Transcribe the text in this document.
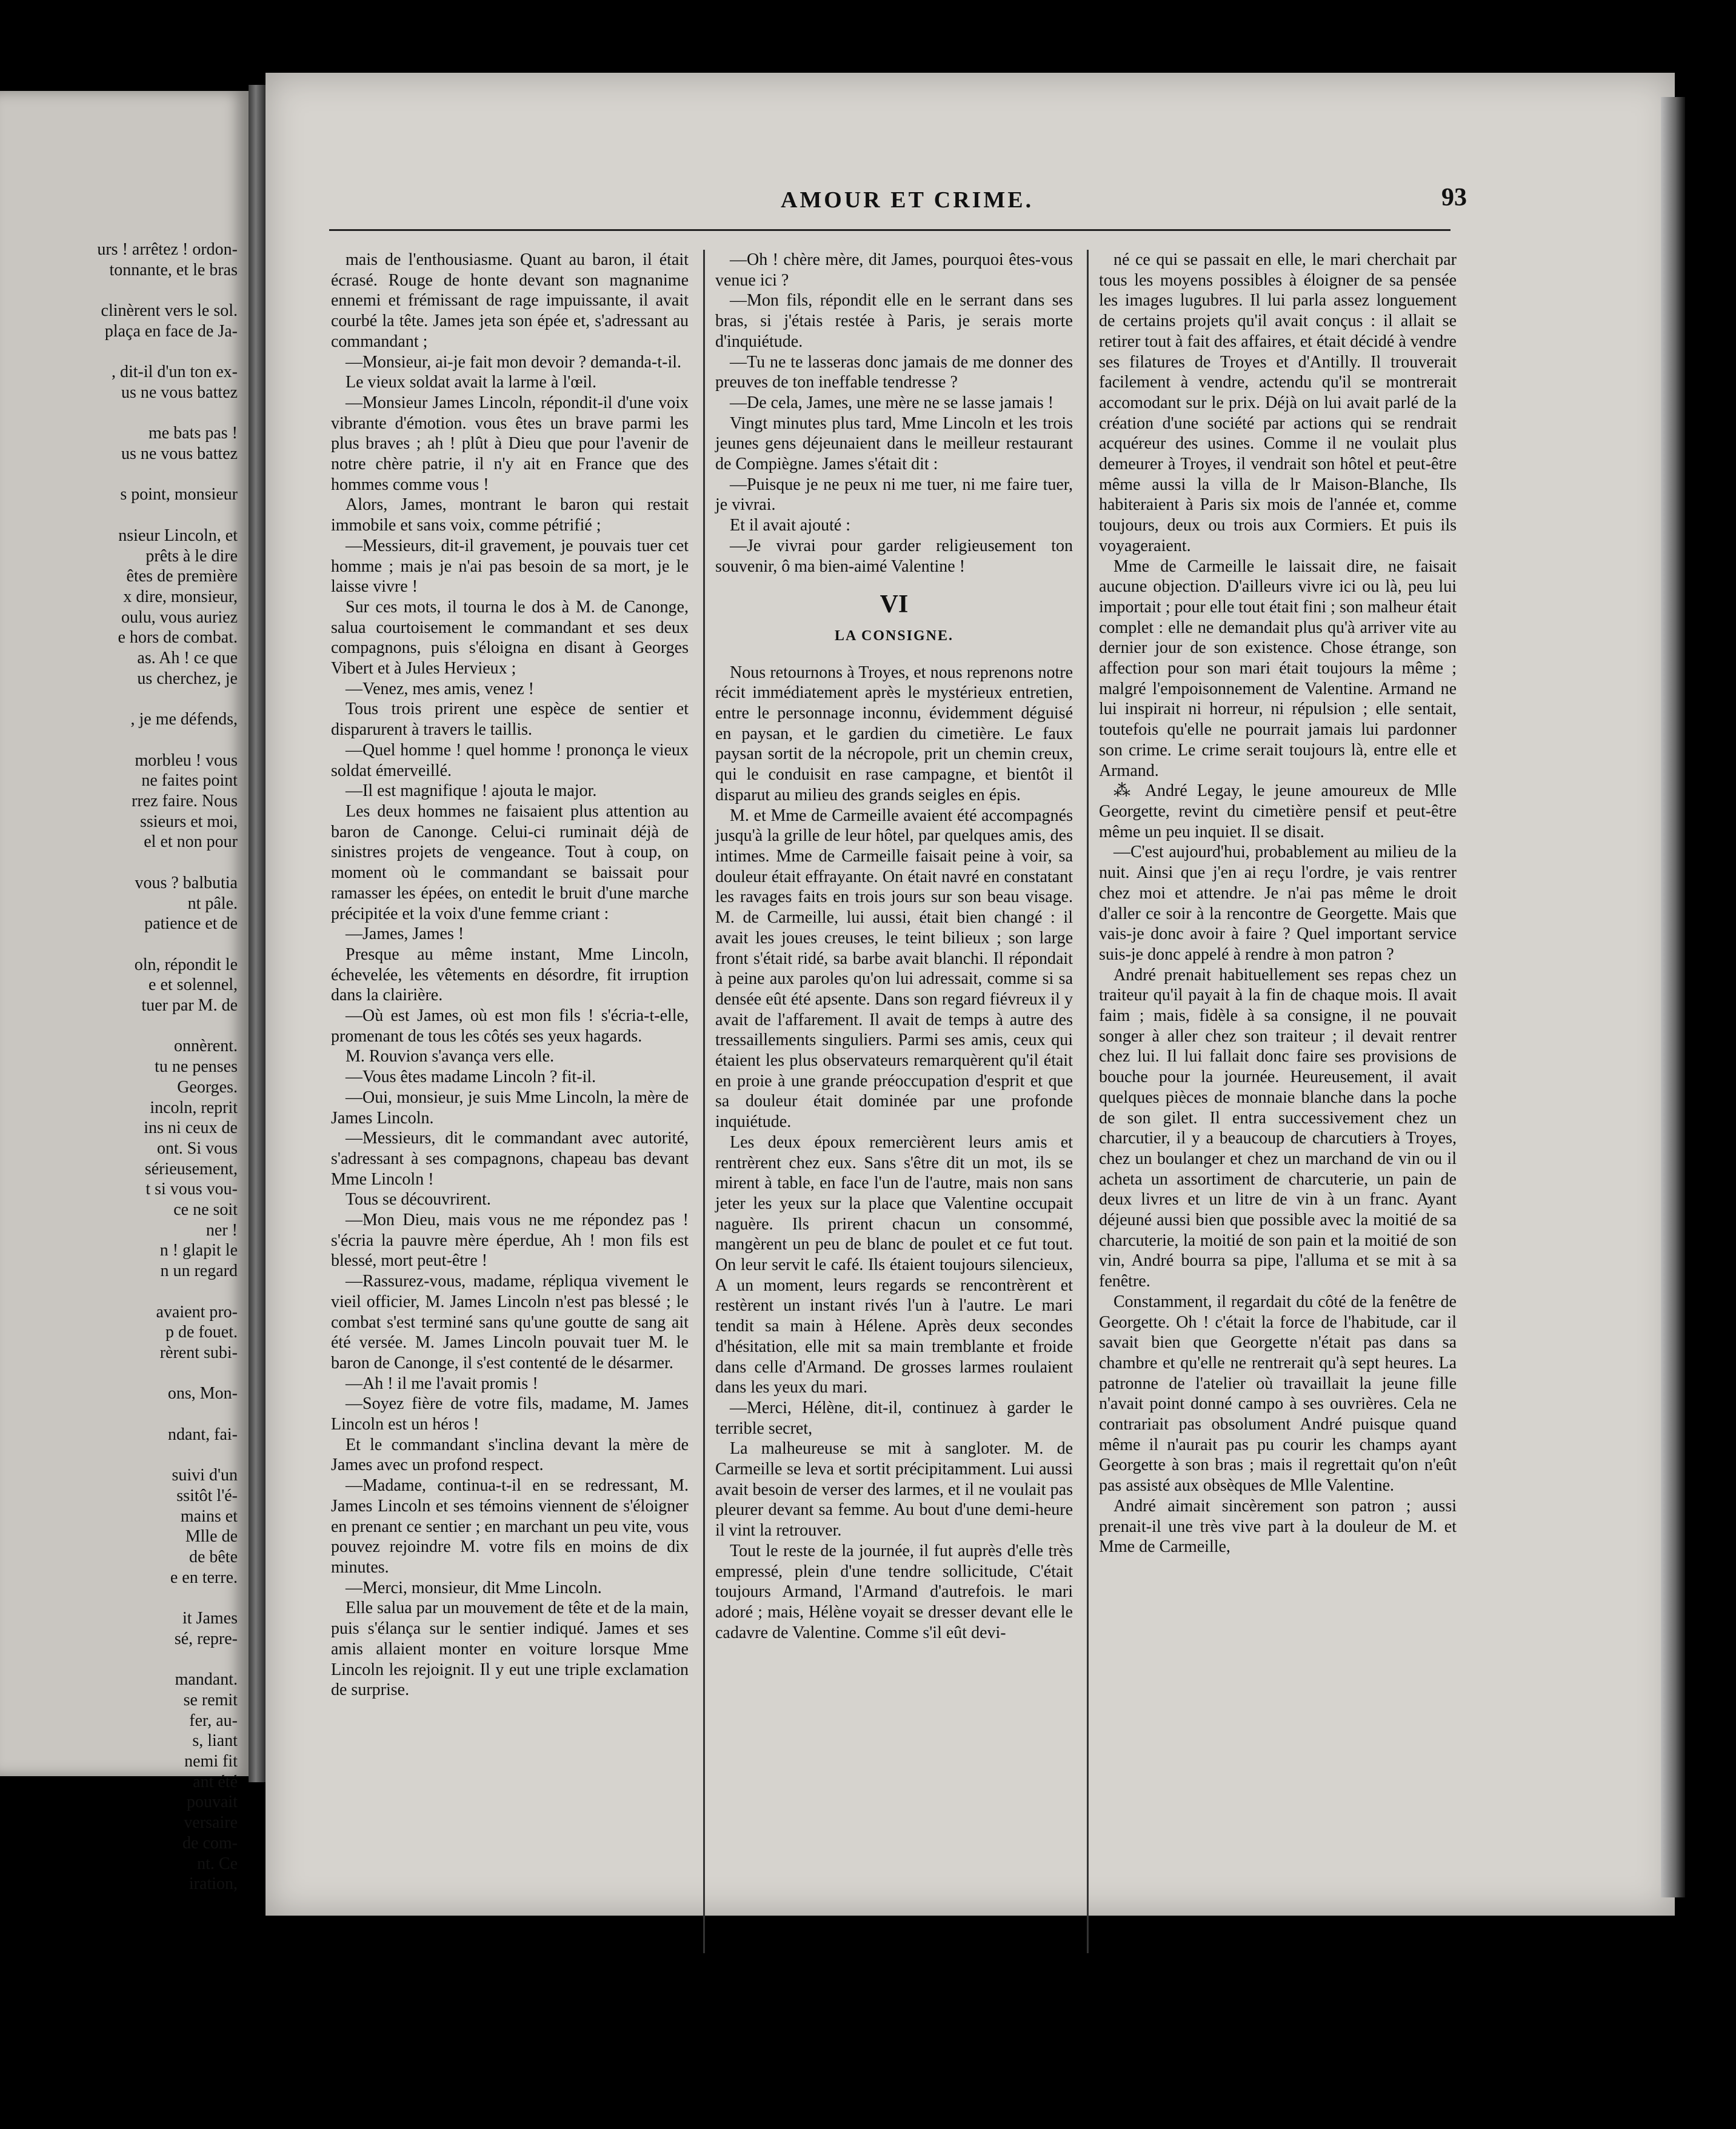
urs ! arrêtez ! ordon-
tonnante, et le bras

clinèrent vers le sol.
plaça en face de Ja-

, dit-il d'un ton ex-
us ne vous battez

me bats pas !
us ne vous battez

s point, monsieur

nsieur Lincoln, et
prêts à le dire
êtes de première
x dire, monsieur,
oulu, vous auriez
e hors de combat.
as. Ah ! ce que
us cherchez, je

, je me défends,

morbleu ! vous
ne faites point
rrez faire. Nous
ssieurs et moi,
el et non pour

vous ? balbutia
nt pâle.
patience et de

oln, répondit le
e et solennel,
tuer par M. de

onnèrent.
tu ne penses
Georges.
incoln, reprit
ins ni ceux de
ont. Si vous
sérieusement,
t si vous vou-
ce ne soit
ner !
n ! glapit le
n un regard

avaient pro-
p de fouet.
rèrent subi-

ons, Mon-

ndant, fai-

suivi d'un
ssitôt l'é-
mains et
Mlle de
de bête
e en terre.

it James
sé, repre-

mandant.
se remit
fer, au-
s, liant
nemi fit
ant été
pouvait
versaire
de com-
nt. Ce
iration,
AMOUR ET CRIME.	93

mais de l'enthousiasme. Quant au baron, il était écrasé. Rouge de honte devant son magnanime ennemi et frémissant de rage impuissante, il avait courbé la tête. James jeta son épée et, s'adressant au commandant ;

—Monsieur, ai-je fait mon devoir ? demanda-t-il.

Le vieux soldat avait la larme à l'œil.

—Monsieur James Lincoln, répondit-il d'une voix vibrante d'émotion. vous êtes un brave parmi les plus braves ; ah ! plût à Dieu que pour l'avenir de notre chère patrie, il n'y ait en France que des hommes comme vous !

Alors, James, montrant le baron qui restait immobile et sans voix, comme pétrifié ;

—Messieurs, dit-il gravement, je pouvais tuer cet homme ; mais je n'ai pas besoin de sa mort, je le laisse vivre !

Sur ces mots, il tourna le dos à M. de Canonge, salua courtoisement le commandant et ses deux compagnons, puis s'éloigna en disant à Georges Vibert et à Jules Hervieux ;

—Venez, mes amis, venez !

Tous trois prirent une espèce de sentier et disparurent à travers le taillis.

—Quel homme ! quel homme ! prononça le vieux soldat émerveillé.

—Il est magnifique ! ajouta le major.

Les deux hommes ne faisaient plus attention au baron de Canonge. Celui-ci ruminait déjà de sinistres projets de vengeance. Tout à coup, on moment où le commandant se baissait pour ramasser les épées, on entedit le bruit d'une marche précipitée et la voix d'une femme criant :

—James, James !

Presque au même instant, Mme Lincoln, échevelée, les vêtements en désordre, fit irruption dans la clairière.

—Où est James, où est mon fils ! s'écria-t-elle, promenant de tous les côtés ses yeux hagards.

M. Rouvion s'avança vers elle.

—Vous êtes madame Lincoln ? fit-il.

—Oui, monsieur, je suis Mme Lincoln, la mère de James Lincoln.

—Messieurs, dit le commandant avec autorité, s'adressant à ses compagnons, chapeau bas devant Mme Lincoln !

Tous se découvrirent.

—Mon Dieu, mais vous ne me répondez pas ! s'écria la pauvre mère éperdue, Ah ! mon fils est blessé, mort peut-être !

—Rassurez-vous, madame, répliqua vivement le vieil officier, M. James Lincoln n'est pas blessé ; le combat s'est terminé sans qu'une goutte de sang ait été versée. M. James Lincoln pouvait tuer M. le baron de Canonge, il s'est contenté de le désarmer.

—Ah ! il me l'avait promis !

—Soyez fière de votre fils, madame, M. James Lincoln est un héros !

Et le commandant s'inclina devant la mère de James avec un profond respect.

—Madame, continua-t-il en se redressant, M. James Lincoln et ses témoins viennent de s'éloigner en prenant ce sentier ; en marchant un peu vite, vous pouvez rejoindre M. votre fils en moins de dix minutes.

—Merci, monsieur, dit Mme Lincoln.

Elle salua par un mouvement de tête et de la main, puis s'élança sur le sentier indiqué. James et ses amis allaient monter en voiture lorsque Mme Lincoln les rejoignit. Il y eut une triple exclamation de surprise.

—Oh ! chère mère, dit James, pourquoi êtes-vous venue ici ?

—Mon fils, répondit elle en le serrant dans ses bras, si j'étais restée à Paris, je serais morte d'inquiétude.

—Tu ne te lasseras donc jamais de me donner des preuves de ton ineffable tendresse ?

—De cela, James, une mère ne se lasse jamais !

Vingt minutes plus tard, Mme Lincoln et les trois jeunes gens déjeunaient dans le meilleur restaurant de Compiègne. James s'était dit :

—Puisque je ne peux ni me tuer, ni me faire tuer, je vivrai.

Et il avait ajouté :

—Je vivrai pour garder religieusement ton souvenir, ô ma bien-aimé Valentine !

VI
LA CONSIGNE.

Nous retournons à Troyes, et nous reprenons notre récit immédiatement après le mystérieux entretien, entre le personnage inconnu, évidemment déguisé en paysan, et le gardien du cimetière. Le faux paysan sortit de la nécropole, prit un chemin creux, qui le conduisit en rase campagne, et bientôt il disparut au milieu des grands seigles en épis.

M. et Mme de Carmeille avaient été accompagnés jusqu'à la grille de leur hôtel, par quelques amis, des intimes. Mme de Carmeille faisait peine à voir, sa douleur était effrayante. On était navré en constatant les ravages faits en trois jours sur son beau visage. M. de Carmeille, lui aussi, était bien changé : il avait les joues creuses, le teint bilieux ; son large front s'était ridé, sa barbe avait blanchi. Il répondait à peine aux paroles qu'on lui adressait, comme si sa densée eût été apsente. Dans son regard fiévreux il y avait de l'affarement. Il avait de temps à autre des tressaillements singuliers. Parmi ses amis, ceux qui étaient les plus observateurs remarquèrent qu'il était en proie à une grande préoccupation d'esprit et que sa douleur était dominée par une profonde inquiétude.

Les deux époux remercièrent leurs amis et rentrèrent chez eux. Sans s'être dit un mot, ils se mirent à table, en face l'un de l'autre, mais non sans jeter les yeux sur la place que Valentine occupait naguère. Ils prirent chacun un consommé, mangèrent un peu de blanc de poulet et ce fut tout. On leur servit le café. Ils étaient toujours silencieux, A un moment, leurs regards se rencontrèrent et restèrent un instant rivés l'un à l'autre. Le mari tendit sa main à Hélene. Après deux secondes d'hésitation, elle mit sa main tremblante et froide dans celle d'Armand. De grosses larmes roulaient dans les yeux du mari.

—Merci, Hélène, dit-il, continuez à garder le terrible secret,

La malheureuse se mit à sangloter. M. de Carmeille se leva et sortit précipitamment. Lui aussi avait besoin de verser des larmes, et il ne voulait pas pleurer devant sa femme. Au bout d'une demi-heure il vint la retrouver.

Tout le reste de la journée, il fut auprès d'elle très empressé, plein d'une tendre sollicitude, C'était toujours Armand, l'Armand d'autrefois. le mari adoré ; mais, Hélène voyait se dresser devant elle le cadavre de Valentine. Comme s'il eût devi-

né ce qui se passait en elle, le mari cherchait par tous les moyens possibles à éloigner de sa pensée les images lugubres. Il lui parla assez longuement de certains projets qu'il avait conçus : il allait se retirer tout à fait des affaires, et était décidé à vendre ses filatures de Troyes et d'Antilly. Il trouverait facilement à vendre, actendu qu'il se montrerait accomodant sur le prix. Déjà on lui avait parlé de la création d'une société par actions qui se rendrait acquéreur des usines. Comme il ne voulait plus demeurer à Troyes, il vendrait son hôtel et peut-être même aussi la villa de lr Maison-Blanche, Ils habiteraient à Paris six mois de l'année et, comme toujours, deux ou trois aux Cormiers. Et puis ils voyageraient.

Mme de Carmeille le laissait dire, ne faisait aucune objection. D'ailleurs vivre ici ou là, peu lui importait ; pour elle tout était fini ; son malheur était complet : elle ne demandait plus qu'à arriver vite au dernier jour de son existence. Chose étrange, son affection pour son mari était toujours la même ; malgré l'empoisonnement de Valentine. Armand ne lui inspirait ni horreur, ni répulsion ; elle sentait, toutefois qu'elle ne pourrait jamais lui pardonner son crime. Le crime serait toujours là, entre elle et Armand.

⁂ André Legay, le jeune amoureux de Mlle Georgette, revint du cimetière pensif et peut-être même un peu inquiet. Il se disait.

—C'est aujourd'hui, probablement au milieu de la nuit. Ainsi que j'en ai reçu l'ordre, je vais rentrer chez moi et attendre. Je n'ai pas même le droit d'aller ce soir à la rencontre de Georgette. Mais que vais-je donc avoir à faire ? Quel important service suis-je donc appelé à rendre à mon patron ?

André prenait habituellement ses repas chez un traiteur qu'il payait à la fin de chaque mois. Il avait faim ; mais, fidèle à sa consigne, il ne pouvait songer à aller chez son traiteur ; il devait rentrer chez lui. Il lui fallait donc faire ses provisions de bouche pour la journée. Heureusement, il avait quelques pièces de monnaie blanche dans la poche de son gilet. Il entra successivement chez un charcutier, il y a beaucoup de charcutiers à Troyes, chez un boulanger et chez un marchand de vin ou il acheta un assortiment de charcuterie, un pain de deux livres et un litre de vin à un franc. Ayant déjeuné aussi bien que possible avec la moitié de sa charcuterie, la moitié de son pain et la moitié de son vin, André bourra sa pipe, l'alluma et se mit à sa fenêtre.

Constamment, il regardait du côté de la fenêtre de Georgette. Oh ! c'était la force de l'habitude, car il savait bien que Georgette n'était pas dans sa chambre et qu'elle ne rentrerait qu'à sept heures. La patronne de l'atelier où travaillait la jeune fille n'avait point donné campo à ses ouvrières. Cela ne contrariait pas obsolument André puisque quand même il n'aurait pas pu courir les champs ayant Georgette à son bras ; mais il regrettait qu'on n'eût pas assisté aux obsèques de Mlle Valentine.

André aimait sincèrement son patron ; aussi prenait-il une très vive part à la douleur de M. et Mme de Carmeille,
